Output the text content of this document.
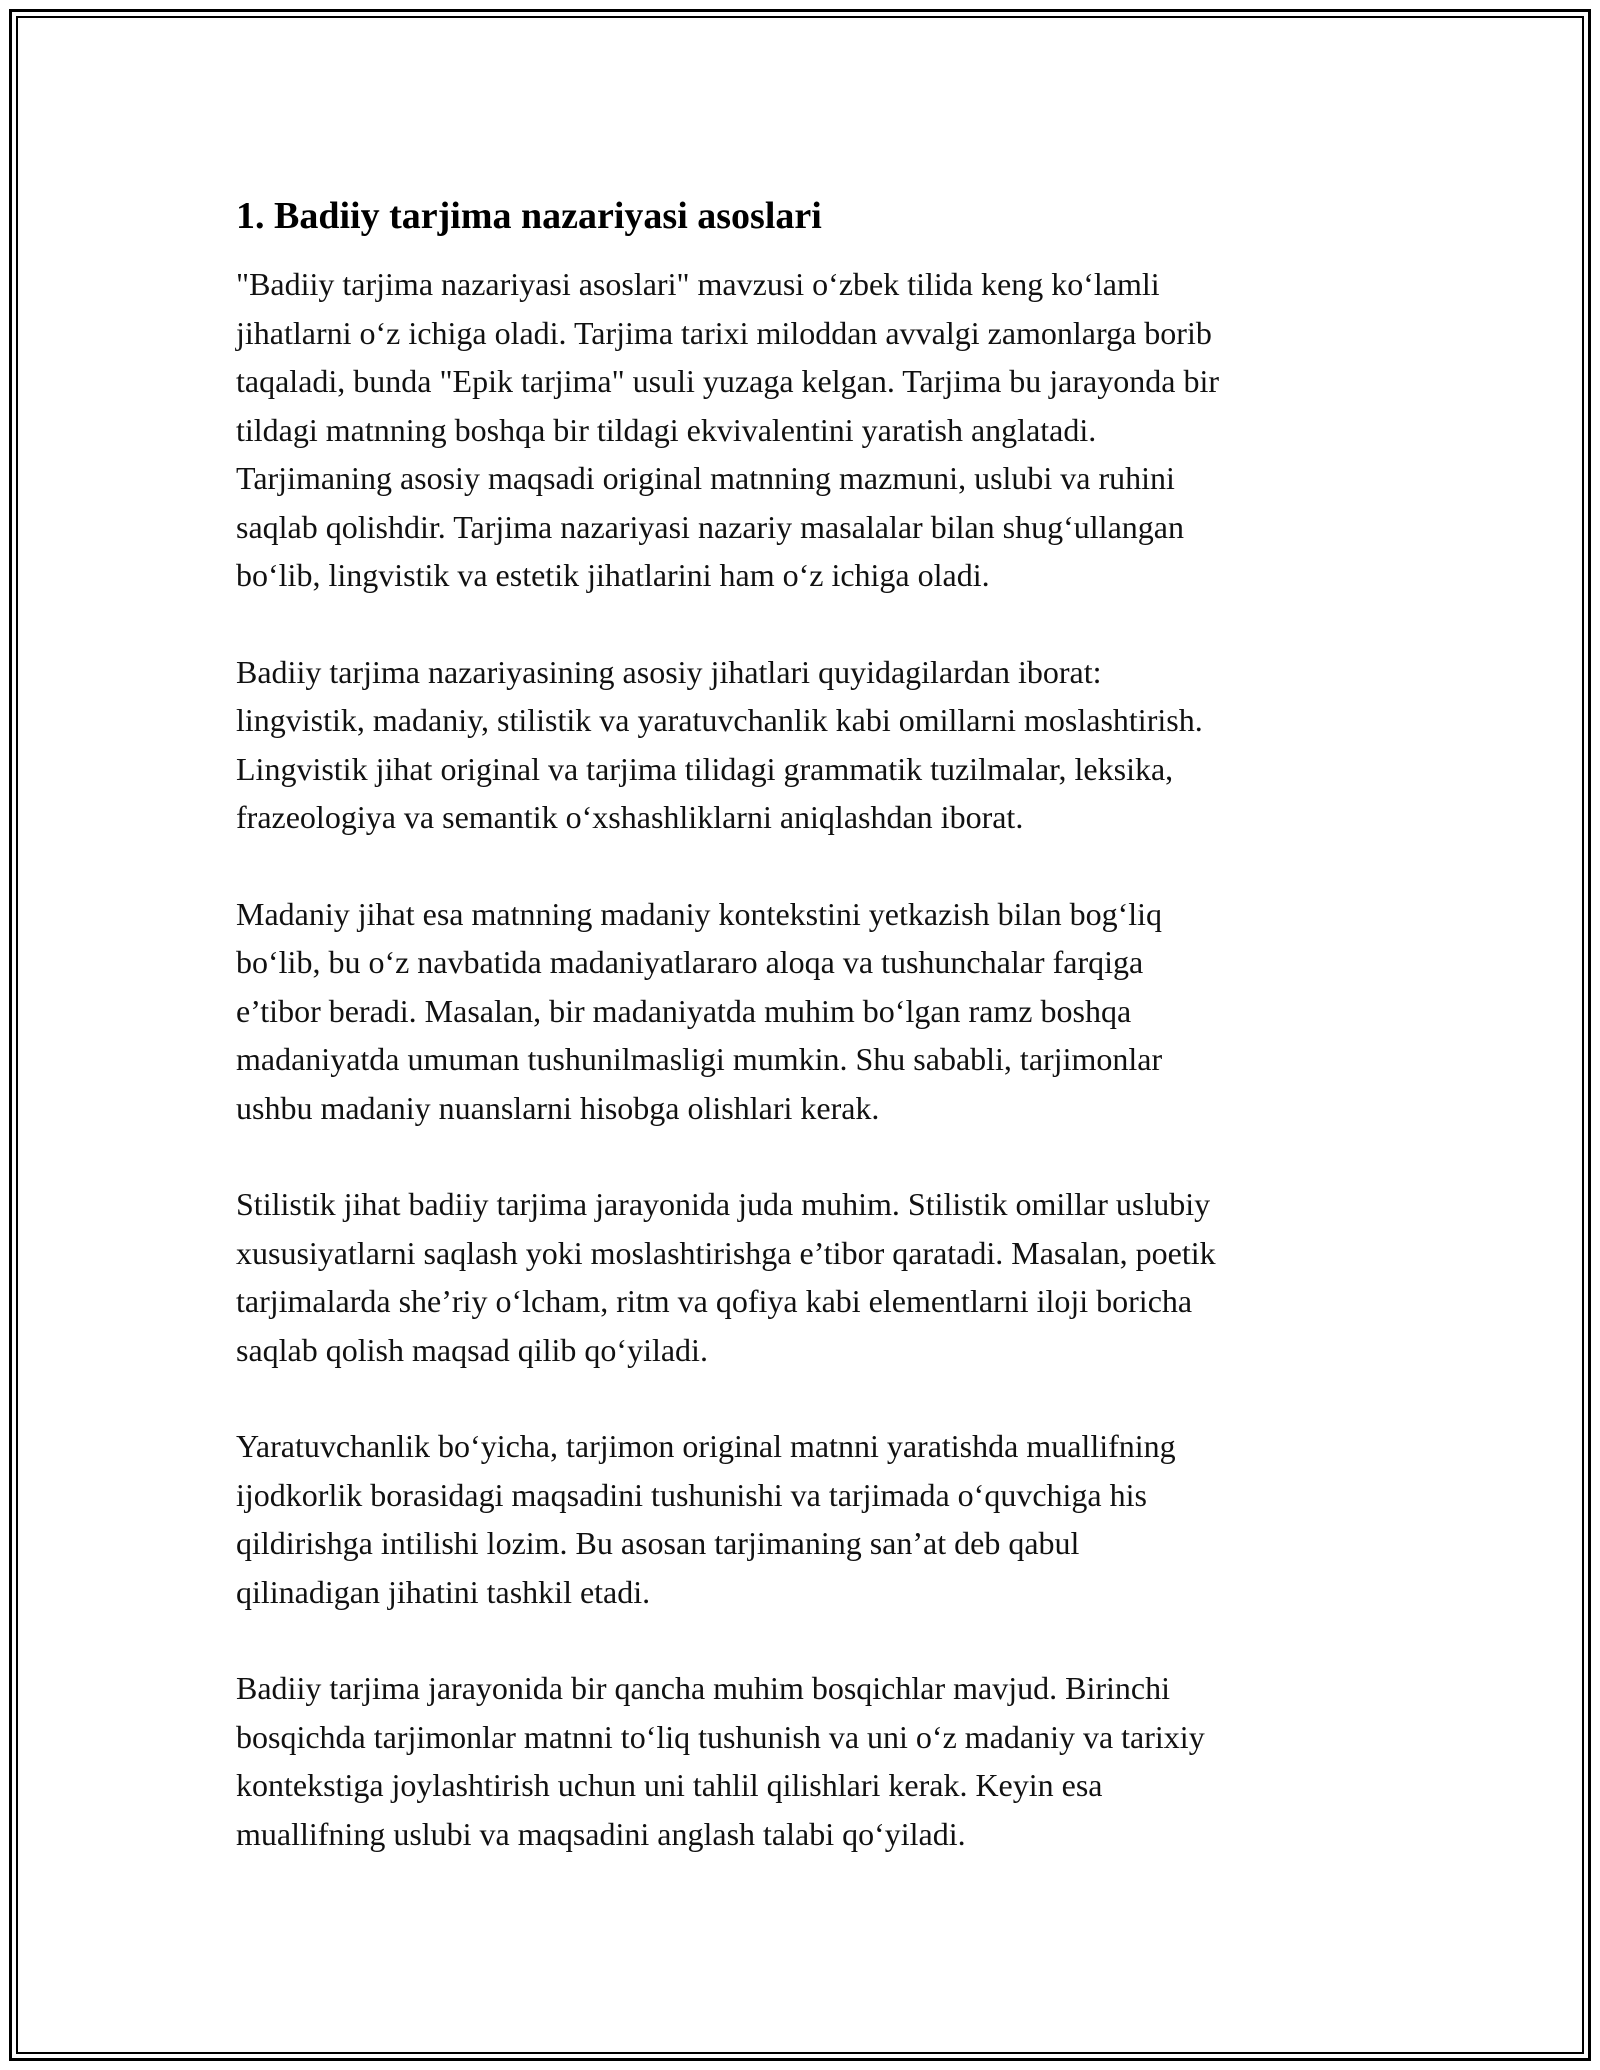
1. Badiiy tarjima nazariyasi asoslari

"Badiiy tarjima nazariyasi asoslari" mavzusi o‘zbek tilida keng ko‘lamli
jihatlarni o‘z ichiga oladi. Tarjima tarixi miloddan avvalgi zamonlarga borib
taqaladi, bunda "Epik tarjima" usuli yuzaga kelgan. Tarjima bu jarayonda bir
tildagi matnning boshqa bir tildagi ekvivalentini yaratish anglatadi.
Tarjimaning asosiy maqsadi original matnning mazmuni, uslubi va ruhini
saqlab qolishdir. Tarjima nazariyasi nazariy masalalar bilan shug‘ullangan
bo‘lib, lingvistik va estetik jihatlarini ham o‘z ichiga oladi.

Badiiy tarjima nazariyasining asosiy jihatlari quyidagilardan iborat:
lingvistik, madaniy, stilistik va yaratuvchanlik kabi omillarni moslashtirish.
Lingvistik jihat original va tarjima tilidagi grammatik tuzilmalar, leksika,
frazeologiya va semantik o‘xshashliklarni aniqlashdan iborat.

Madaniy jihat esa matnning madaniy kontekstini yetkazish bilan bog‘liq
bo‘lib, bu o‘z navbatida madaniyatlararo aloqa va tushunchalar farqiga
e’tibor beradi. Masalan, bir madaniyatda muhim bo‘lgan ramz boshqa
madaniyatda umuman tushunilmasligi mumkin. Shu sababli, tarjimonlar
ushbu madaniy nuanslarni hisobga olishlari kerak.

Stilistik jihat badiiy tarjima jarayonida juda muhim. Stilistik omillar uslubiy
xususiyatlarni saqlash yoki moslashtirishga e’tibor qaratadi. Masalan, poetik
tarjimalarda she’riy o‘lcham, ritm va qofiya kabi elementlarni iloji boricha
saqlab qolish maqsad qilib qo‘yiladi.

Yaratuvchanlik bo‘yicha, tarjimon original matnni yaratishda muallifning
ijodkorlik borasidagi maqsadini tushunishi va tarjimada o‘quvchiga his
qildirishga intilishi lozim. Bu asosan tarjimaning san’at deb qabul
qilinadigan jihatini tashkil etadi.

Badiiy tarjima jarayonida bir qancha muhim bosqichlar mavjud. Birinchi
bosqichda tarjimonlar matnni to‘liq tushunish va uni o‘z madaniy va tarixiy
kontekstiga joylashtirish uchun uni tahlil qilishlari kerak. Keyin esa
muallifning uslubi va maqsadini anglash talabi qo‘yiladi.
